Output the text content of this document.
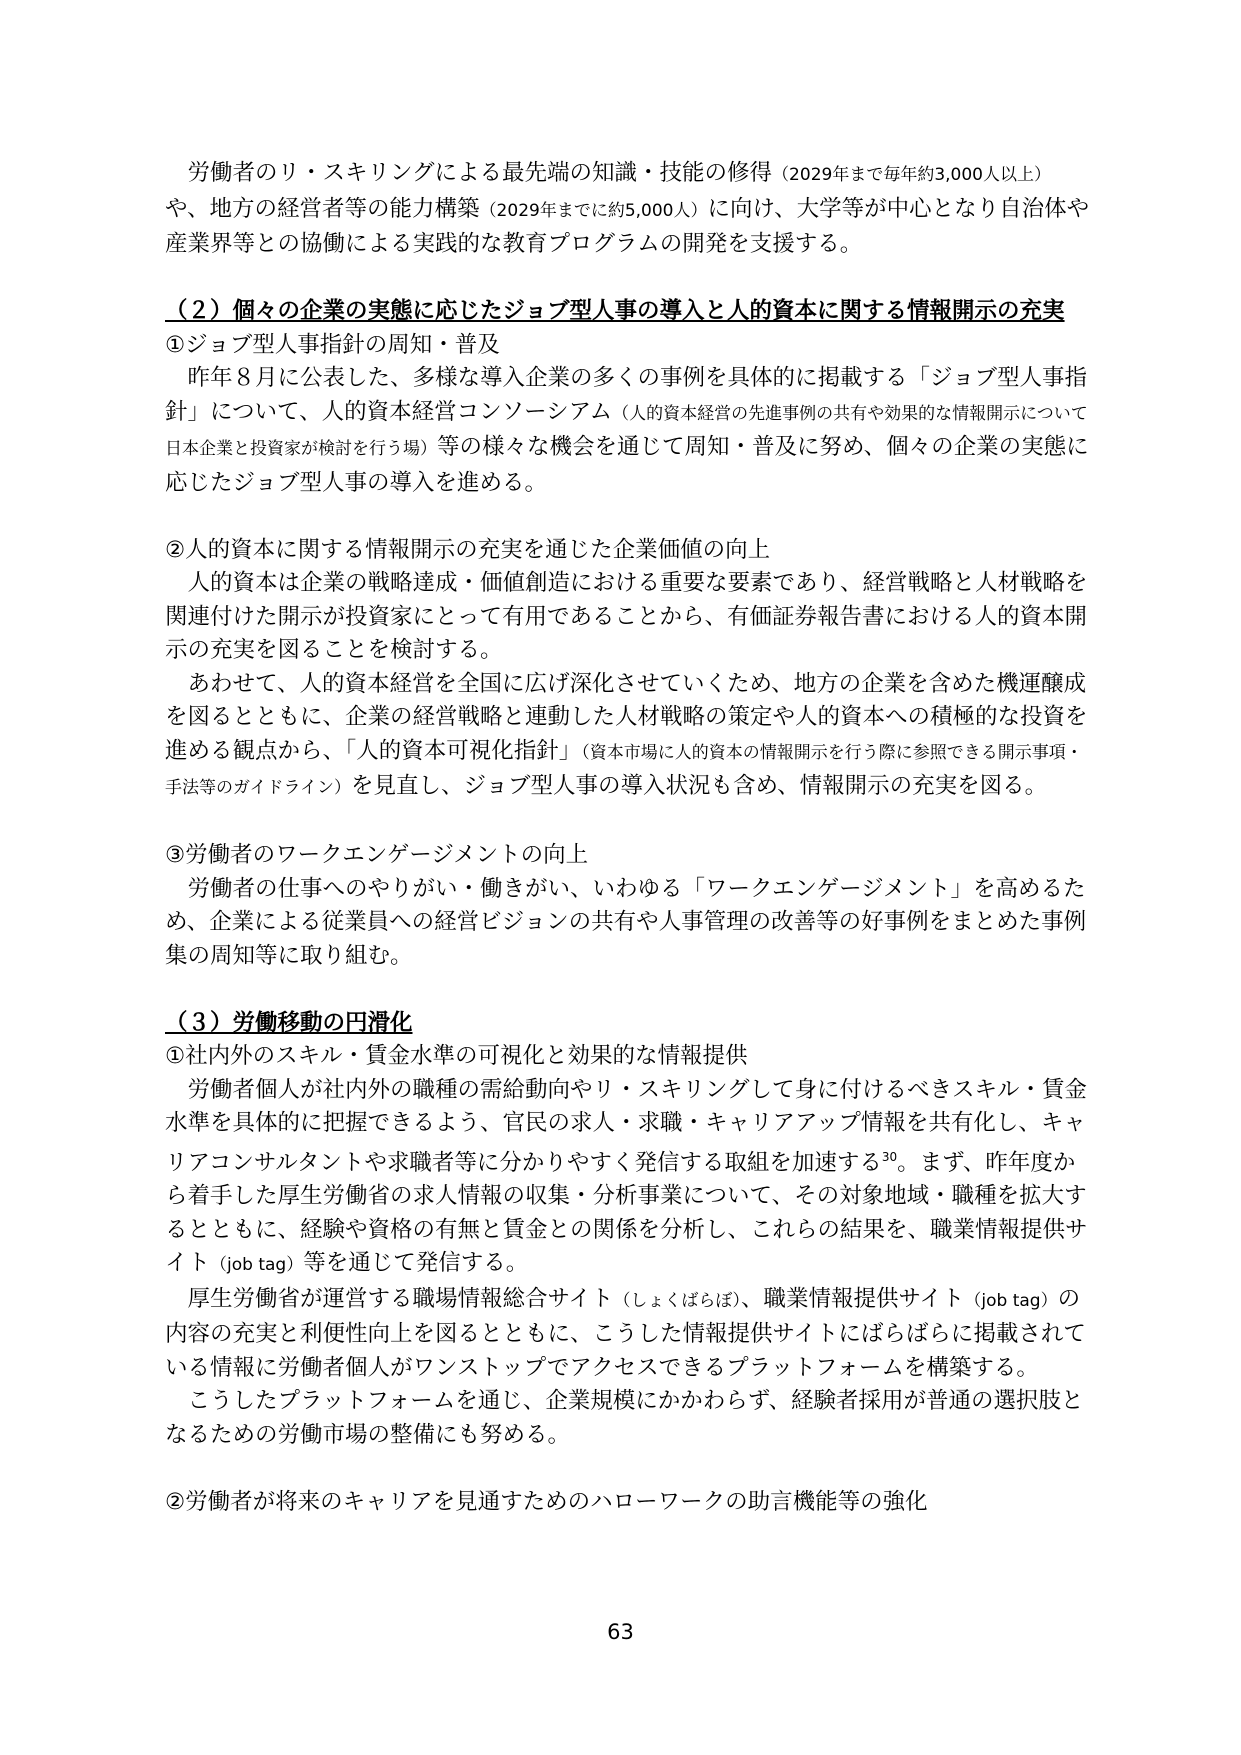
労働者のリ・スキリングによる最先端の知識・技能の修得（2029年まで毎年約3,000人以上）や、地方の経営者等の能力構築（2029年までに約5,000人）に向け、大学等が中心となり自治体や産業界等との協働による実践的な教育プログラムの開発を支援する。

（２）個々の企業の実態に応じたジョブ型人事の導入と人的資本に関する情報開示の充実

①ジョブ型人事指針の周知・普及

昨年８月に公表した、多様な導入企業の多くの事例を具体的に掲載する「ジョブ型人事指針」について、人的資本経営コンソーシアム（人的資本経営の先進事例の共有や効果的な情報開示について日本企業と投資家が検討を行う場）等の様々な機会を通じて周知・普及に努め、個々の企業の実態に応じたジョブ型人事の導入を進める。

②人的資本に関する情報開示の充実を通じた企業価値の向上

人的資本は企業の戦略達成・価値創造における重要な要素であり、経営戦略と人材戦略を関連付けた開示が投資家にとって有用であることから、有価証券報告書における人的資本開示の充実を図ることを検討する。

あわせて、人的資本経営を全国に広げ深化させていくため、地方の企業を含めた機運醸成を図るとともに、企業の経営戦略と連動した人材戦略の策定や人的資本への積極的な投資を進める観点から、「人的資本可視化指針」（資本市場に人的資本の情報開示を行う際に参照できる開示事項・手法等のガイドライン）を見直し、ジョブ型人事の導入状況も含め、情報開示の充実を図る。

③労働者のワークエンゲージメントの向上

労働者の仕事へのやりがい・働きがい、いわゆる「ワークエンゲージメント」を高めるため、企業による従業員への経営ビジョンの共有や人事管理の改善等の好事例をまとめた事例集の周知等に取り組む。

（３）労働移動の円滑化

①社内外のスキル・賃金水準の可視化と効果的な情報提供

労働者個人が社内外の職種の需給動向やリ・スキリングして身に付けるべきスキル・賃金水準を具体的に把握できるよう、官民の求人・求職・キャリアアップ情報を共有化し、キャリアコンサルタントや求職者等に分かりやすく発信する取組を加速する$^{30}$。まず、昨年度から着手した厚生労働省の求人情報の収集・分析事業について、その対象地域・職種を拡大するとともに、経験や資格の有無と賃金との関係を分析し、これらの結果を、職業情報提供サイト（job tag）等を通じて発信する。

厚生労働省が運営する職場情報総合サイト（しょくばらぼ）、職業情報提供サイト（job tag）の内容の充実と利便性向上を図るとともに、こうした情報提供サイトにばらばらに掲載されている情報に労働者個人がワンストップでアクセスできるプラットフォームを構築する。

こうしたプラットフォームを通じ、企業規模にかかわらず、経験者採用が普通の選択肢となるための労働市場の整備にも努める。

②労働者が将来のキャリアを見通すためのハローワークの助言機能等の強化

63
